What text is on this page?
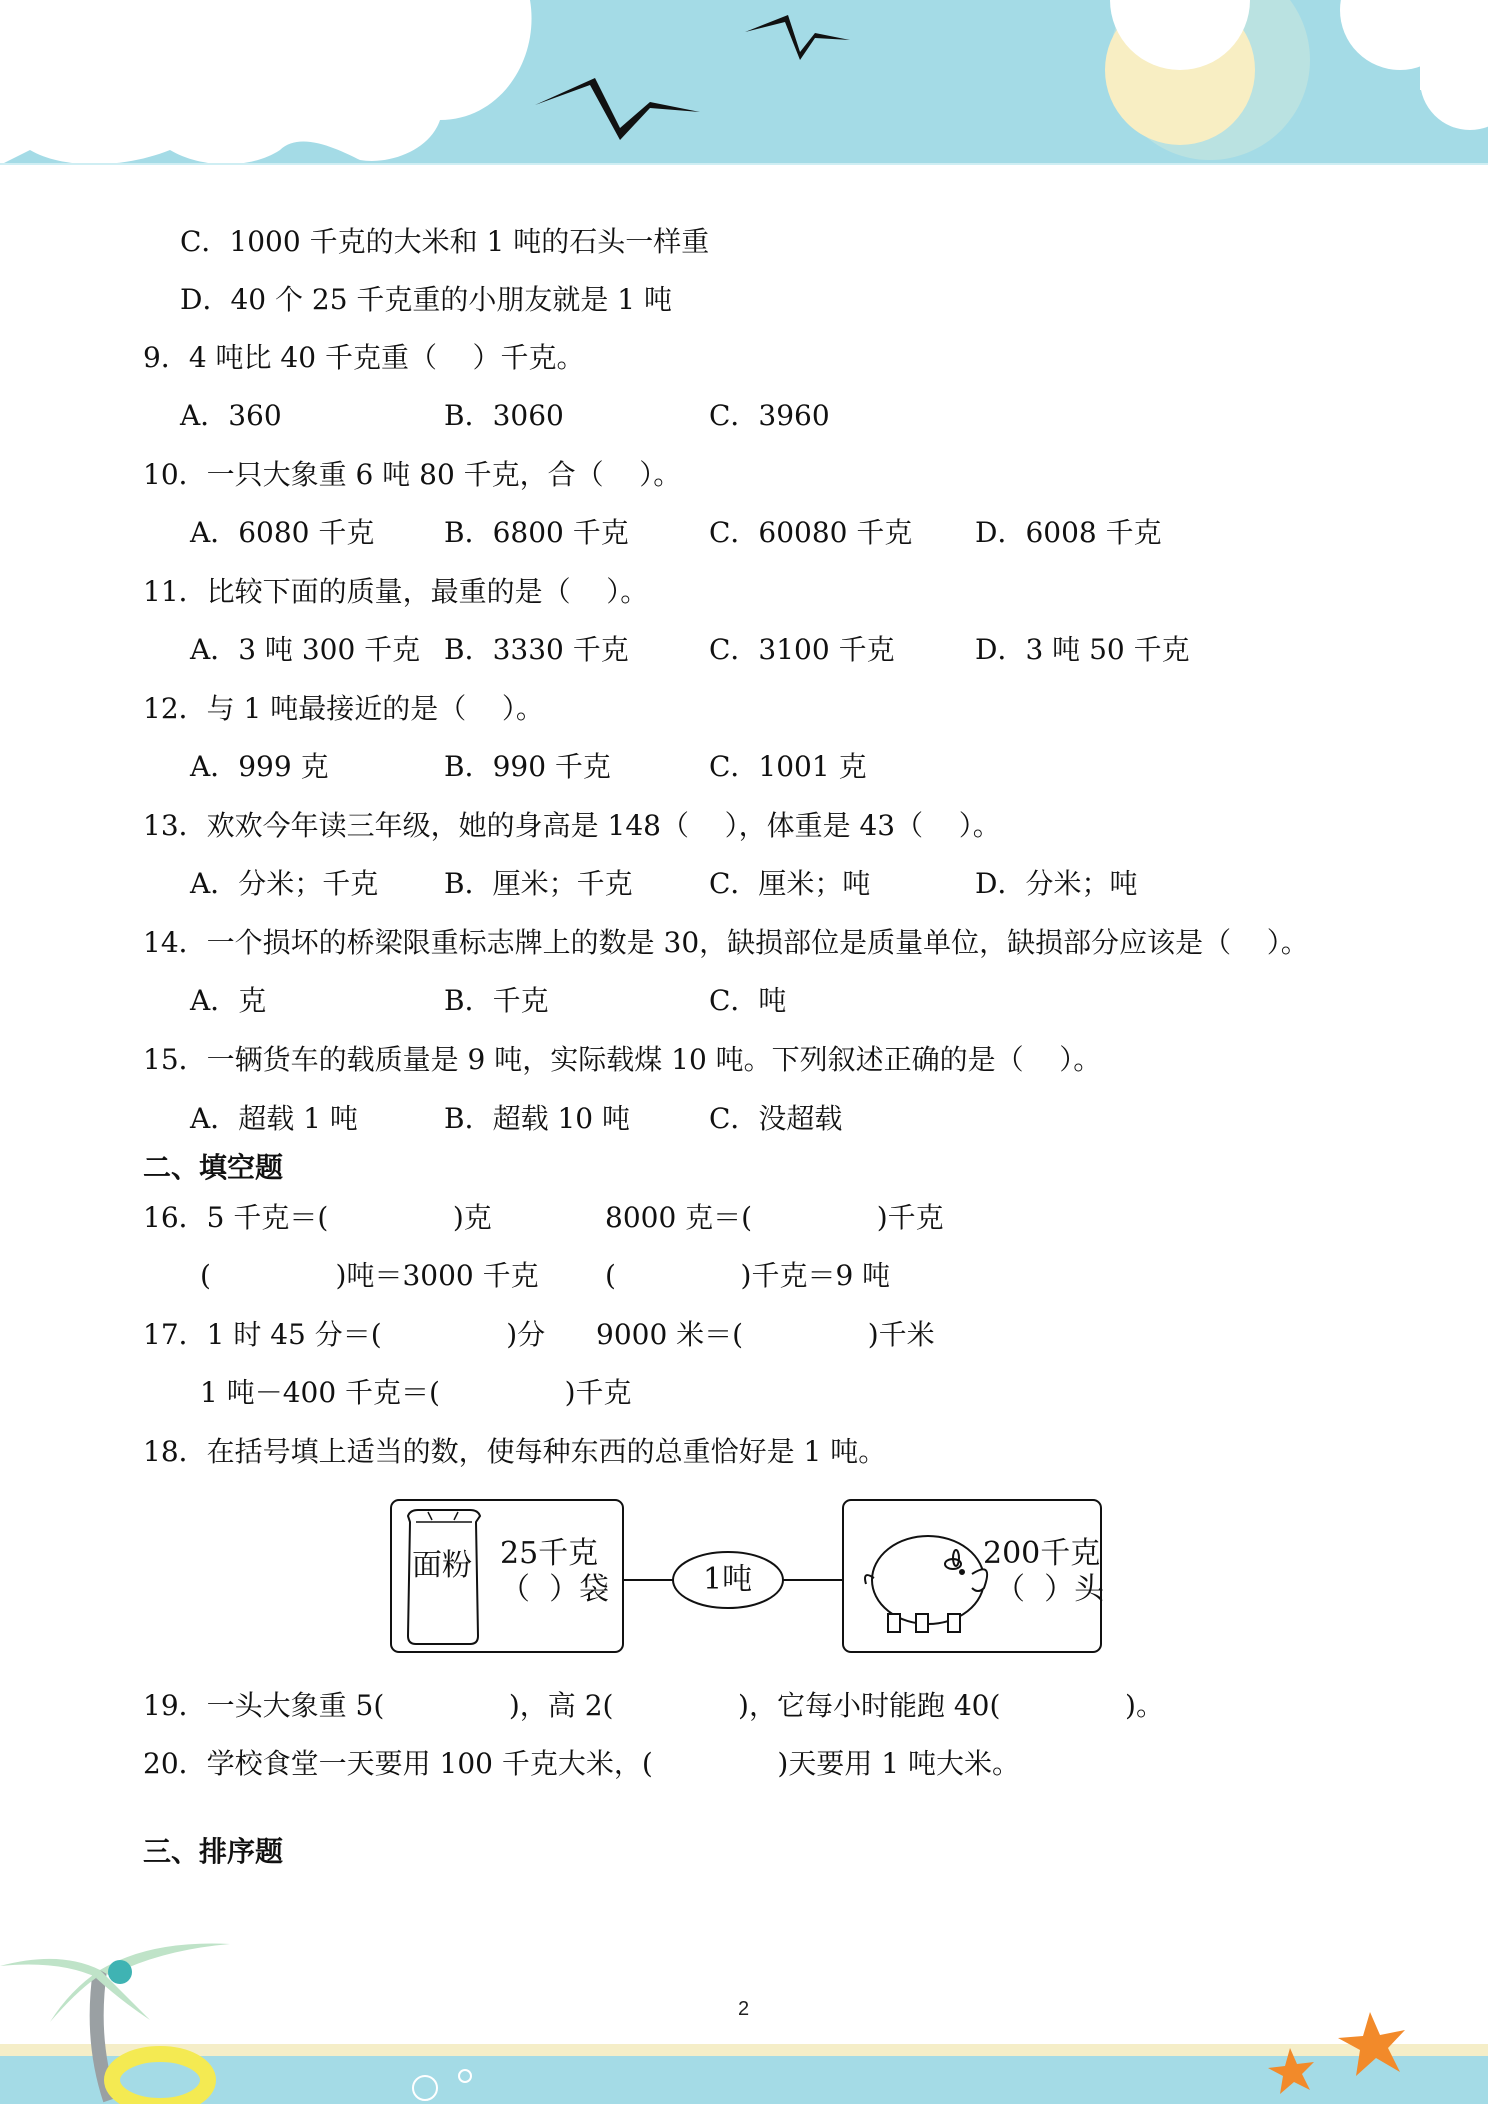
C．1000 千克的大米和 1 吨的石头一样重
D．40 个 25 千克重的小朋友就是 1 吨
9．4 吨比 40 千克重（    ）千克。
A．360	B．3060	C．3960
10．一只大象重 6 吨 80 千克，合（    ）。
A．6080 千克 B．6800 千克	C．60080 千克 D．6008 千克
11．比较下面的质量，最重的是（    ）。
A．3 吨 300 千克 B．3330 千克	C．3100 千克	D．3 吨 50 千克
12．与 1 吨最接近的是（    ）。
A．999 克	B．990 千克	C．1001 克
13．欢欢今年读三年级，她的身高是 148（    ），体重是 43（    ）。
A．分米；千克 B．厘米；千克	C．厘米；吨	D．分米；吨
14．一个损坏的桥梁限重标志牌上的数是 30，缺损部位是质量单位，缺损部分应该是（    ）。
A．克	B．千克	C．吨
15．一辆货车的载质量是 9 吨，实际载煤 10 吨。下列叙述正确的是（    ）。
A．超载 1 吨	B．超载 10 吨	C．没超载
二、填空题
16．5 千克＝(              )克	8000 克＝(              )千克
(              )吨＝3000 千克 (              )千克＝9 吨
17．1 时 45 分＝(              )分 9000 米＝(              )千米
1 吨－400 千克＝(              )千克
18．在括号填上适当的数，使每种东西的总重恰好是 1 吨。
面粉 25千克
（  ）袋	1吨
200千克
（  ）头
19．一头大象重 5(              )，高 2(              )，它每小时能跑 40(              )。
20．学校食堂一天要用 100 千克大米，(              )天要用 1 吨大米。
三、排序题
2
